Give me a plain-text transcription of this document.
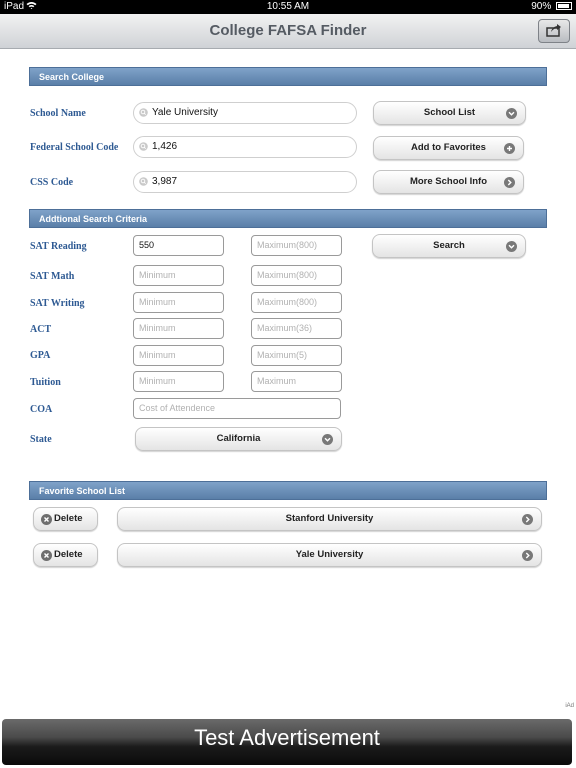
iPad	10:55 AM	90%
College FAFSA Finder
Search College
School Name	Yale University	School List
Federal School Code	1,426	Add to Favorites
CSS Code	3,987	More School Info
Addtional Search Criteria
SAT Reading	550	Maximum(800)	Search
SAT Math	Minimum	Maximum(800)
SAT Writing	Minimum	Maximum(800)
ACT	Minimum	Maximum(36)
GPA	Minimum	Maximum(5)
Tuition	Minimum	Maximum
COA	Cost of Attendence
State	California
Favorite School List
Delete	Stanford University
Delete	Yale University
iAd
Test Advertisement
